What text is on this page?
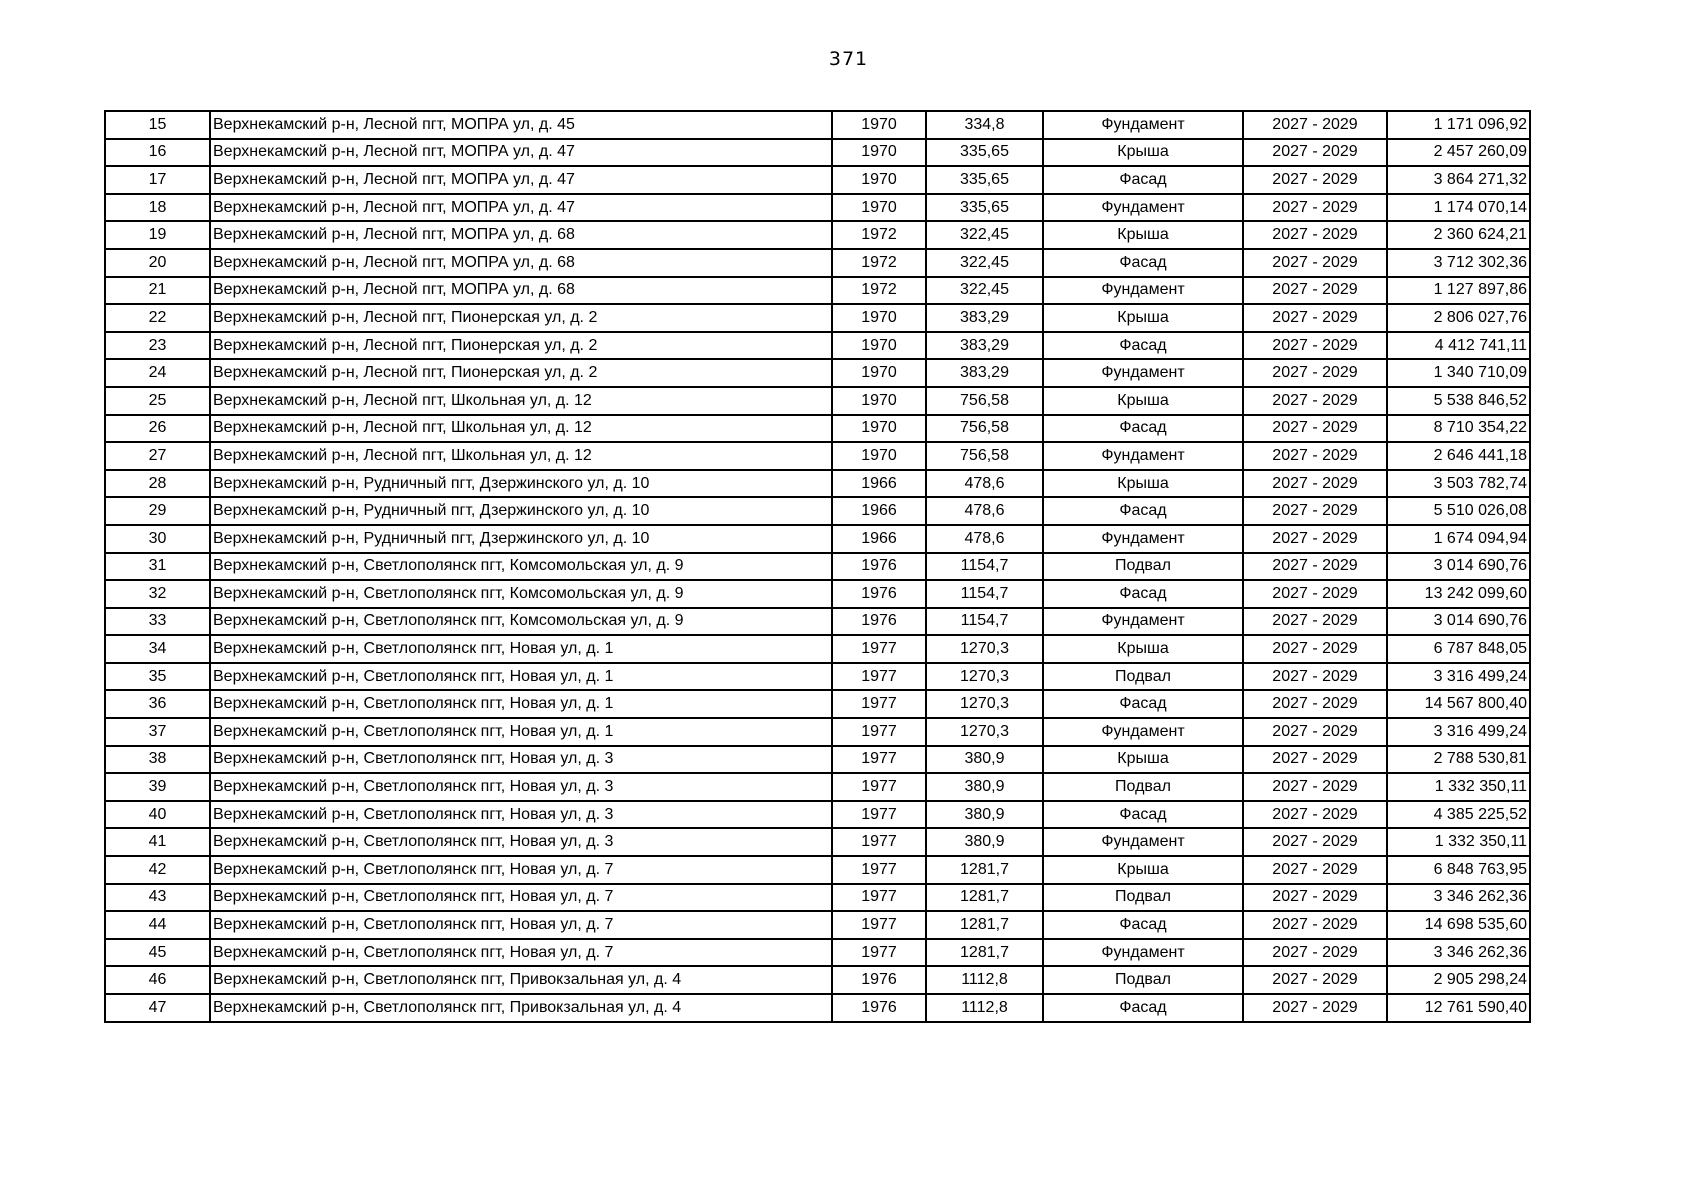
371
15	Верхнекамский р-н, Лесной пгт, МОПРА ул, д. 45	1970	334,8	Фундамент	2027 - 2029	1 171 096,92
16	Верхнекамский р-н, Лесной пгт, МОПРА ул, д. 47	1970	335,65	Крыша	2027 - 2029	2 457 260,09
17	Верхнекамский р-н, Лесной пгт, МОПРА ул, д. 47	1970	335,65	Фасад	2027 - 2029	3 864 271,32
18	Верхнекамский р-н, Лесной пгт, МОПРА ул, д. 47	1970	335,65	Фундамент	2027 - 2029	1 174 070,14
19	Верхнекамский р-н, Лесной пгт, МОПРА ул, д. 68	1972	322,45	Крыша	2027 - 2029	2 360 624,21
20	Верхнекамский р-н, Лесной пгт, МОПРА ул, д. 68	1972	322,45	Фасад	2027 - 2029	3 712 302,36
21	Верхнекамский р-н, Лесной пгт, МОПРА ул, д. 68	1972	322,45	Фундамент	2027 - 2029	1 127 897,86
22	Верхнекамский р-н, Лесной пгт, Пионерская ул, д. 2	1970	383,29	Крыша	2027 - 2029	2 806 027,76
23	Верхнекамский р-н, Лесной пгт, Пионерская ул, д. 2	1970	383,29	Фасад	2027 - 2029	4 412 741,11
24	Верхнекамский р-н, Лесной пгт, Пионерская ул, д. 2	1970	383,29	Фундамент	2027 - 2029	1 340 710,09
25	Верхнекамский р-н, Лесной пгт, Школьная ул, д. 12	1970	756,58	Крыша	2027 - 2029	5 538 846,52
26	Верхнекамский р-н, Лесной пгт, Школьная ул, д. 12	1970	756,58	Фасад	2027 - 2029	8 710 354,22
27	Верхнекамский р-н, Лесной пгт, Школьная ул, д. 12	1970	756,58	Фундамент	2027 - 2029	2 646 441,18
28	Верхнекамский р-н, Рудничный пгт, Дзержинского ул, д. 10	1966	478,6	Крыша	2027 - 2029	3 503 782,74
29	Верхнекамский р-н, Рудничный пгт, Дзержинского ул, д. 10	1966	478,6	Фасад	2027 - 2029	5 510 026,08
30	Верхнекамский р-н, Рудничный пгт, Дзержинского ул, д. 10	1966	478,6	Фундамент	2027 - 2029	1 674 094,94
31	Верхнекамский р-н, Светлополянск пгт, Комсомольская ул, д. 9	1976	1154,7	Подвал	2027 - 2029	3 014 690,76
32	Верхнекамский р-н, Светлополянск пгт, Комсомольская ул, д. 9	1976	1154,7	Фасад	2027 - 2029	13 242 099,60
33	Верхнекамский р-н, Светлополянск пгт, Комсомольская ул, д. 9	1976	1154,7	Фундамент	2027 - 2029	3 014 690,76
34	Верхнекамский р-н, Светлополянск пгт, Новая ул, д. 1	1977	1270,3	Крыша	2027 - 2029	6 787 848,05
35	Верхнекамский р-н, Светлополянск пгт, Новая ул, д. 1	1977	1270,3	Подвал	2027 - 2029	3 316 499,24
36	Верхнекамский р-н, Светлополянск пгт, Новая ул, д. 1	1977	1270,3	Фасад	2027 - 2029	14 567 800,40
37	Верхнекамский р-н, Светлополянск пгт, Новая ул, д. 1	1977	1270,3	Фундамент	2027 - 2029	3 316 499,24
38	Верхнекамский р-н, Светлополянск пгт, Новая ул, д. 3	1977	380,9	Крыша	2027 - 2029	2 788 530,81
39	Верхнекамский р-н, Светлополянск пгт, Новая ул, д. 3	1977	380,9	Подвал	2027 - 2029	1 332 350,11
40	Верхнекамский р-н, Светлополянск пгт, Новая ул, д. 3	1977	380,9	Фасад	2027 - 2029	4 385 225,52
41	Верхнекамский р-н, Светлополянск пгт, Новая ул, д. 3	1977	380,9	Фундамент	2027 - 2029	1 332 350,11
42	Верхнекамский р-н, Светлополянск пгт, Новая ул, д. 7	1977	1281,7	Крыша	2027 - 2029	6 848 763,95
43	Верхнекамский р-н, Светлополянск пгт, Новая ул, д. 7	1977	1281,7	Подвал	2027 - 2029	3 346 262,36
44	Верхнекамский р-н, Светлополянск пгт, Новая ул, д. 7	1977	1281,7	Фасад	2027 - 2029	14 698 535,60
45	Верхнекамский р-н, Светлополянск пгт, Новая ул, д. 7	1977	1281,7	Фундамент	2027 - 2029	3 346 262,36
46	Верхнекамский р-н, Светлополянск пгт, Привокзальная ул, д. 4	1976	1112,8	Подвал	2027 - 2029	2 905 298,24
47	Верхнекамский р-н, Светлополянск пгт, Привокзальная ул, д. 4	1976	1112,8	Фасад	2027 - 2029	12 761 590,40
